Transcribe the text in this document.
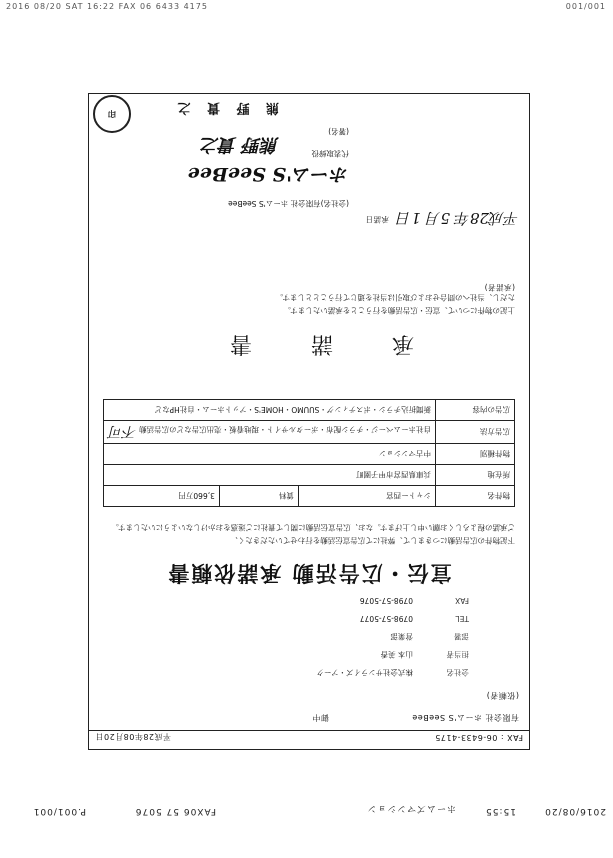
2016 08/20 SAT 16:22 FAX 06 6433 4175	001/001
FAX : 06-6433-4175
平成28年08月20日
有限会社 ホーム'S SeeBee
御中
(依頼者)
会社名株式会社サンライズ・アーク
担当者山本 美香
部署営業部
TEL0798-57-5077
FAX0798-57-5076
宣伝・広告活動 承諾依頼書
下記物件の広告活動につきまして、弊社にて広告宣伝活動を行わせていただきたく、
ご承諾の程よろしくお願い申し上げます。なお、広告宣伝活動に関して貴社にご迷惑をおかけしないようにいたします。
物件名	シャトー西宮	賃料	3,660万円
所在地	兵庫県西宮市甲子園町		
物件種別	中古マンション		
広告方法	自社ホームページ・チラシ配布・ポータルサイト・現地看板・売出広告などの広告活動 不可		
広告の内容	新聞折込チラシ・ポスティング・SUUMO・HOME'S・アットホーム・自社HPなど		
承 諾 書
上記の物件について、宣伝・広告活動を行うことを承諾いたします。
ただし、当社への問合せおよび取引は当社を通じて行うこととします。
(承諾者)
平成28年 5月 1日
承諾日
(会社名)有限会社 ホーム'S SeeBee
ホーム'S SeeBee
代表取締役
熊野 貴之
(署名)
熊 野 貴 之
印
2016/08/20
15:55
ホームズマンション
FAX06 57 5076
P.001/001
